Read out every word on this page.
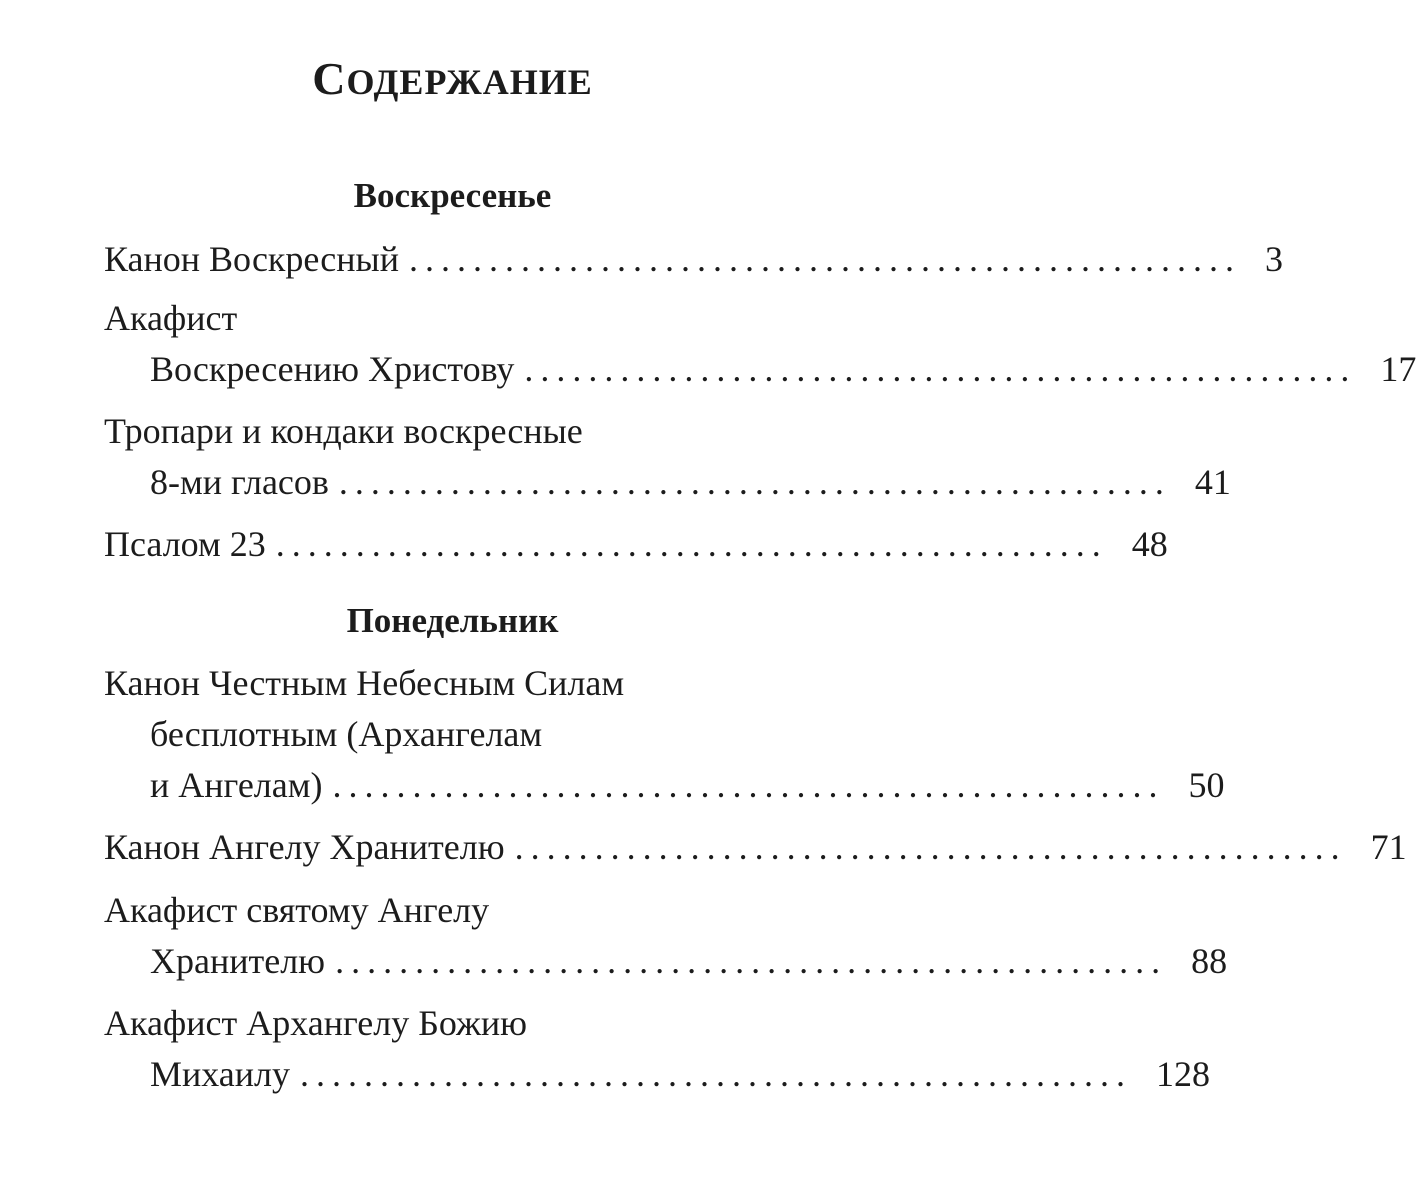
СОДЕРЖАНИЕ
Воскресенье
Канон Воскресный .................................................... 3
Акафист
Воскресению Христову .................................................... 17
Тропари и кондаки воскресные
8-ми гласов .................................................... 41
Псалом 23 .................................................... 48
Понедельник
Канон Честным Небесным Силам
бесплотным (Архангелам
и Ангелам) .................................................... 50
Канон Ангелу Хранителю .................................................... 71
Акафист святому Ангелу
Хранителю .................................................... 88
Акафист Архангелу Божию
Михаилу .................................................... 128
